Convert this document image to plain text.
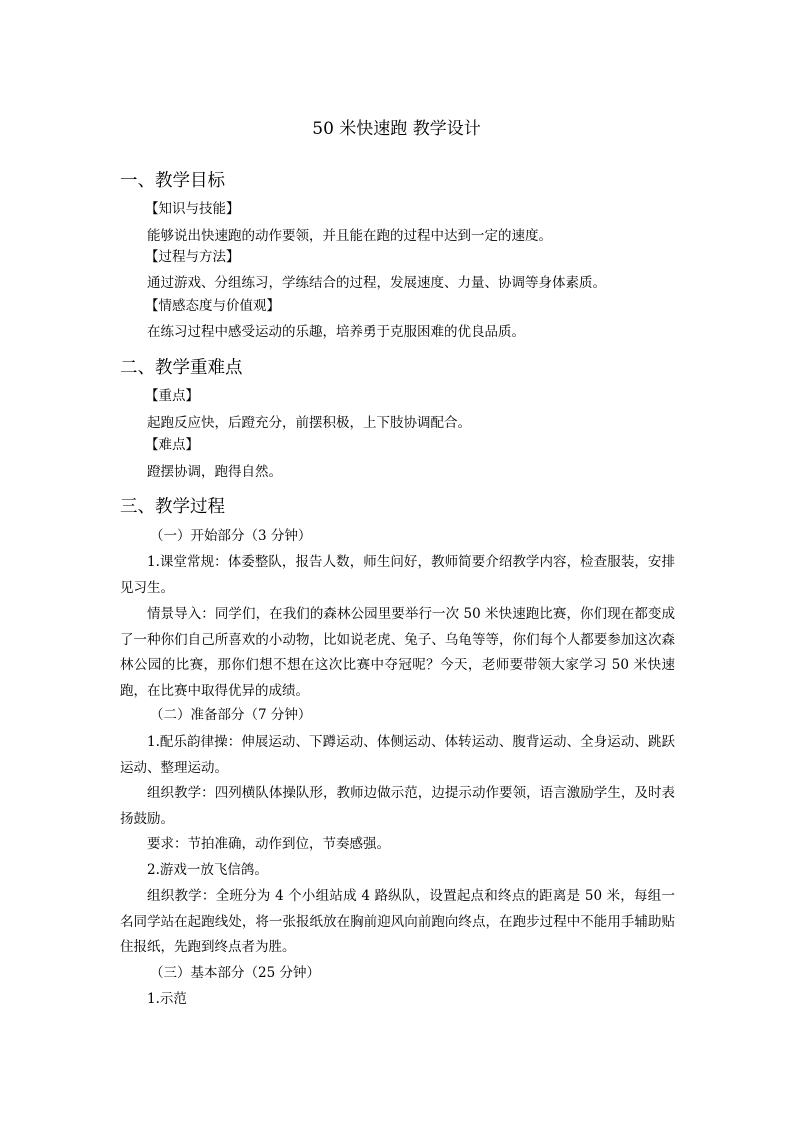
50 米快速跑 教学设计
一、教学目标
【知识与技能】
能够说出快速跑的动作要领，并且能在跑的过程中达到一定的速度。
【过程与方法】
通过游戏、分组练习，学练结合的过程，发展速度、力量、协调等身体素质。
【情感态度与价值观】
在练习过程中感受运动的乐趣，培养勇于克服困难的优良品质。
二、教学重难点
【重点】
起跑反应快，后蹬充分，前摆积极，上下肢协调配合。
【难点】
蹬摆协调，跑得自然。
三、教学过程
（一）开始部分（3 分钟）
1.课堂常规：体委整队，报告人数，师生问好，教师简要介绍教学内容，检查服装，安排见习生。
情景导入：同学们，在我们的森林公园里要举行一次 50 米快速跑比赛，你们现在都变成了一种你们自己所喜欢的小动物，比如说老虎、兔子、乌龟等等，你们每个人都要参加这次森林公园的比赛，那你们想不想在这次比赛中夺冠呢？今天，老师要带领大家学习 50 米快速跑，在比赛中取得优异的成绩。
（二）准备部分（7 分钟）
1.配乐韵律操：伸展运动、下蹲运动、体侧运动、体转运动、腹背运动、全身运动、跳跃运动、整理运动。
组织教学：四列横队体操队形，教师边做示范，边提示动作要领，语言激励学生，及时表扬鼓励。
要求：节拍准确，动作到位，节奏感强。
2.游戏一放飞信鸽。
组织教学：全班分为 4 个小组站成 4 路纵队，设置起点和终点的距离是 50 米，每组一名同学站在起跑线处，将一张报纸放在胸前迎风向前跑向终点，在跑步过程中不能用手辅助贴住报纸，先跑到终点者为胜。
（三）基本部分（25 分钟）
1.示范
